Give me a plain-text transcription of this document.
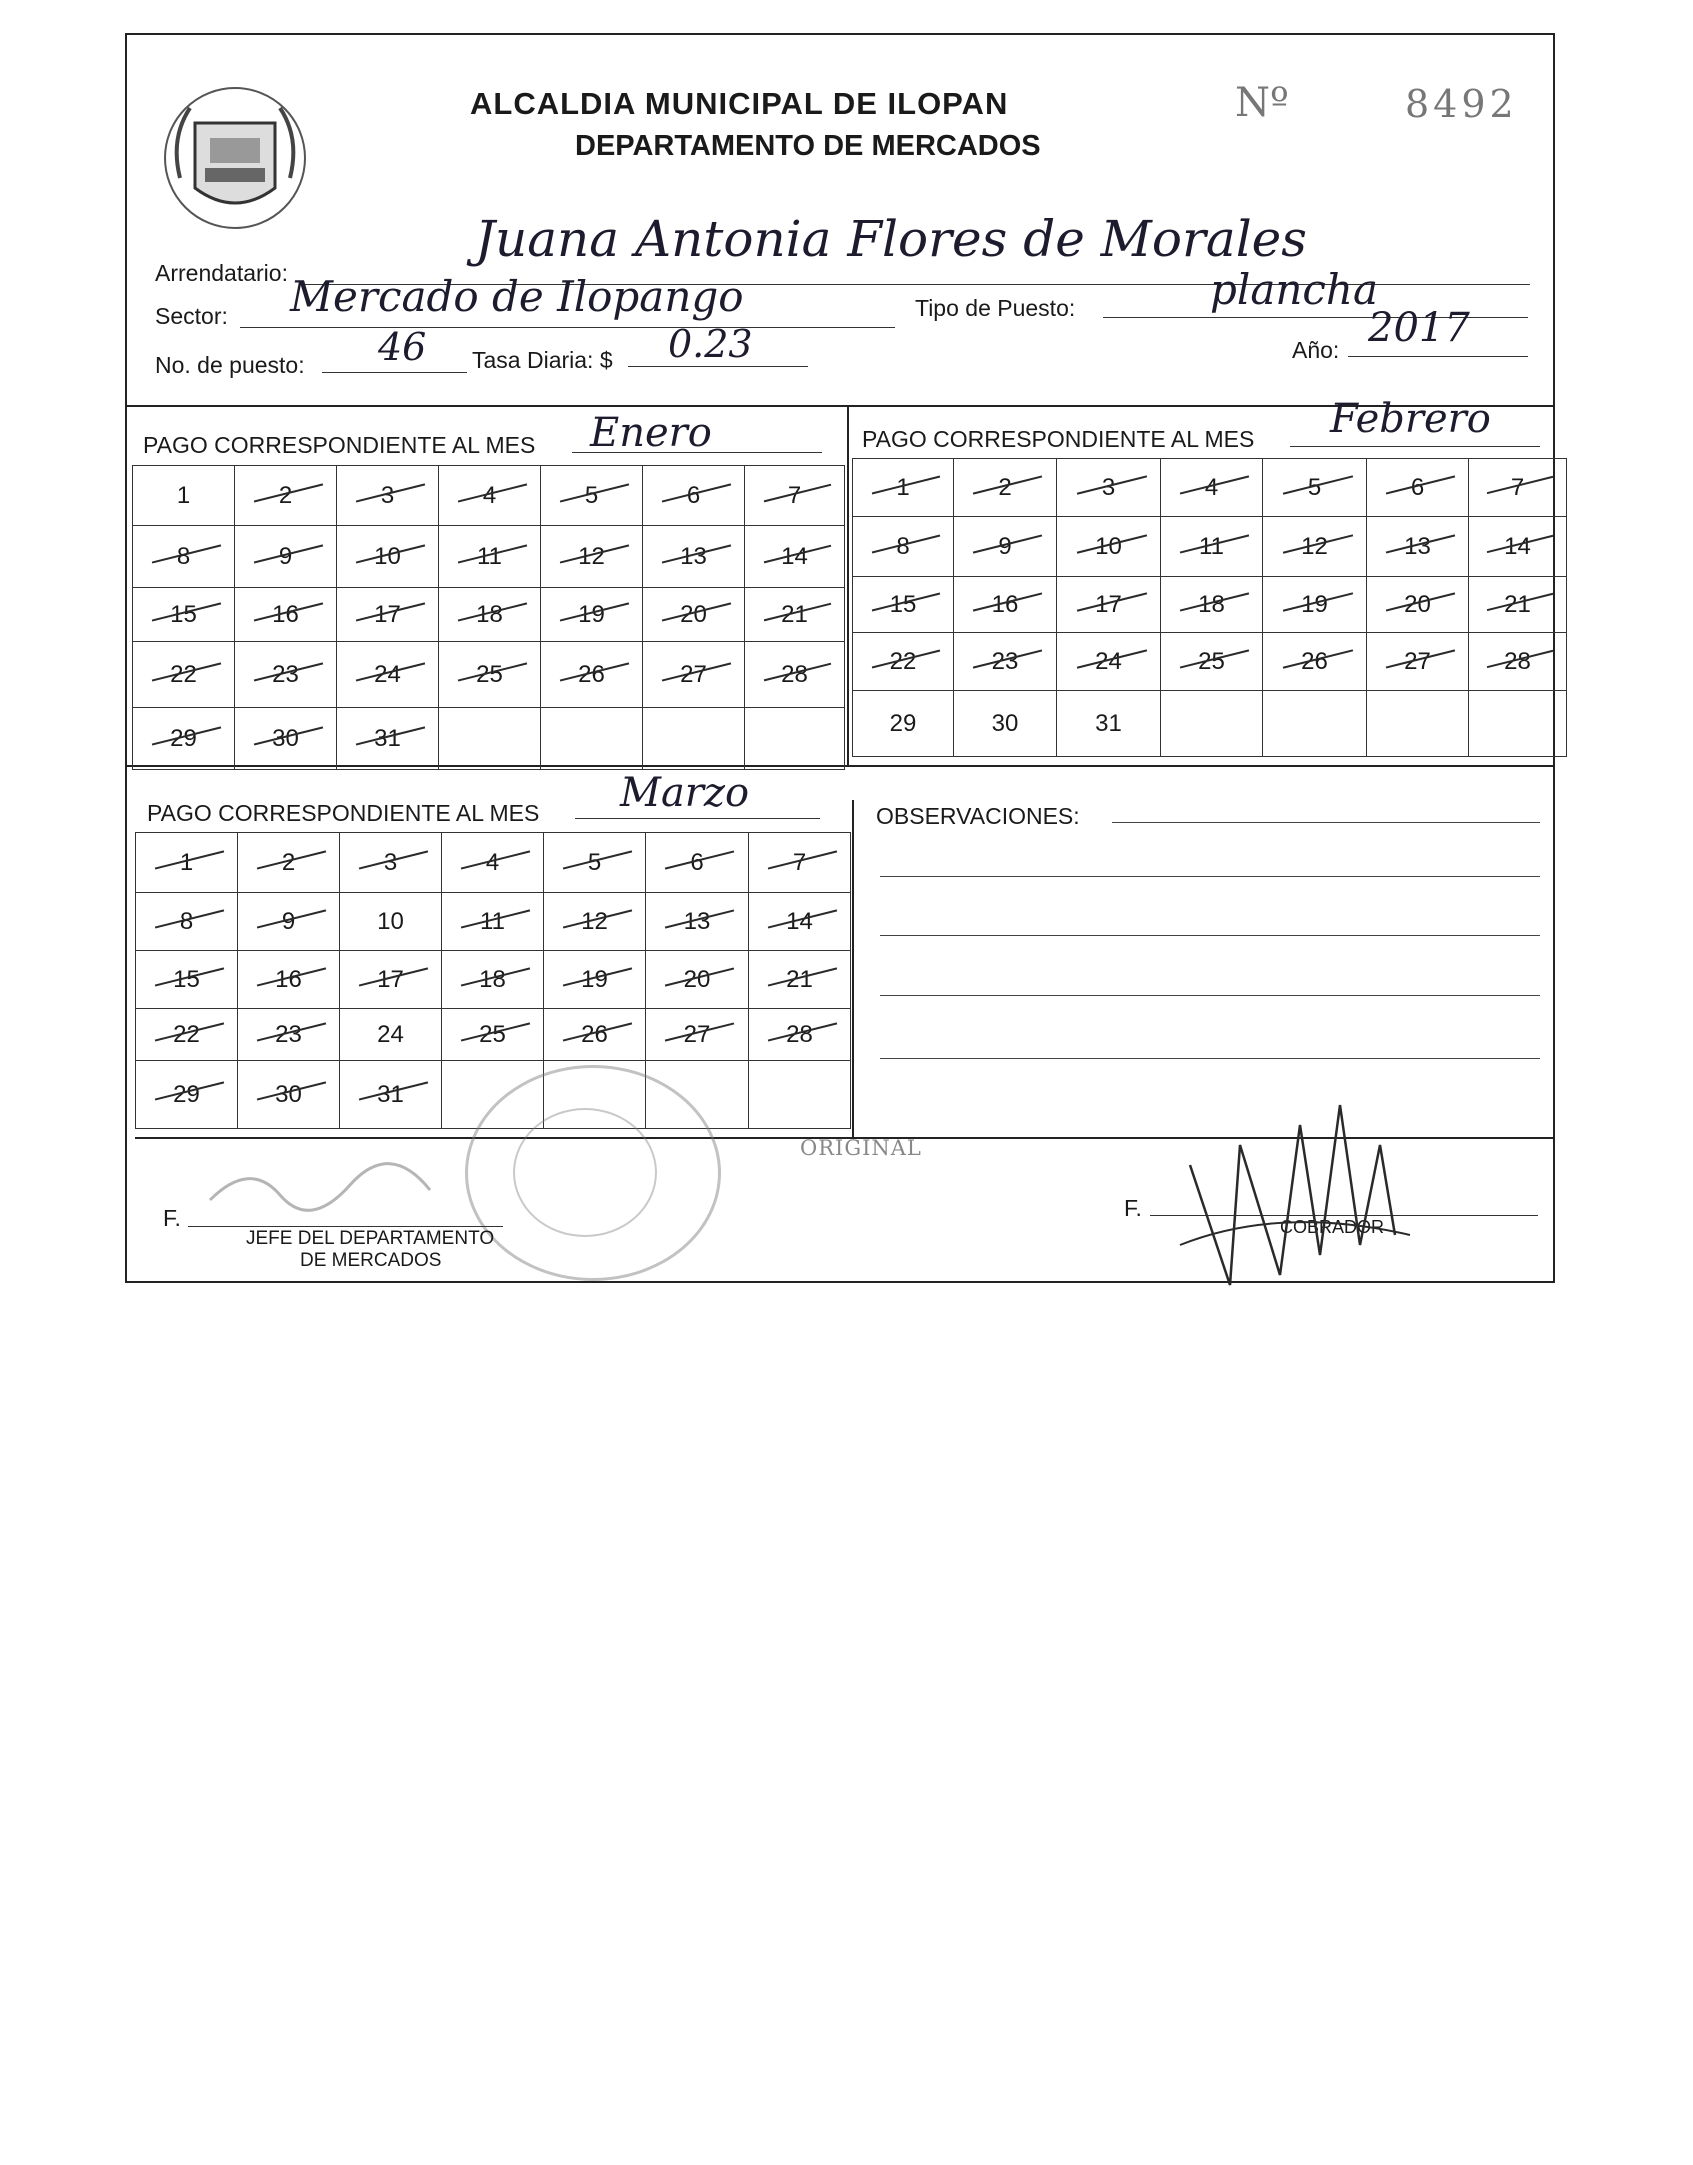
ALCALDIA MUNICIPAL DE ILOPAN
DEPARTAMENTO DE MERCADOS
Nº	8492
Arrendatario:
Juana Antonia Flores de Morales
Sector: Mercado de Ilopango	Tipo de Puesto:	plancha
No. de puesto: 46 Tasa Diaria: $ 0.23	Año: 2017
PAGO CORRESPONDIENTE AL MES Enero
1	2	3	4	5	6	7
8	9	10	11	12	13	14
15	16	17	18	19	20	21
22	23	24	25	26	27	28
29	30	31				
PAGO CORRESPONDIENTE AL MES Febrero
1	2	3	4	5	6	7
8	9	10	11	12	13	14
15	16	17	18	19	20	21
22	23	24	25	26	27	28
29	30	31				
PAGO CORRESPONDIENTE AL MES Marzo
1	2	3	4	5	6	7
8	9	10	11	12	13	14
15	16	17	18	19	20	21
22	23	24	25	26	27	28
29	30	31				
OBSERVACIONES:
ORIGINAL
F.
JEFE DEL DEPARTAMENTO
DE MERCADOS
F.
COBRADOR
